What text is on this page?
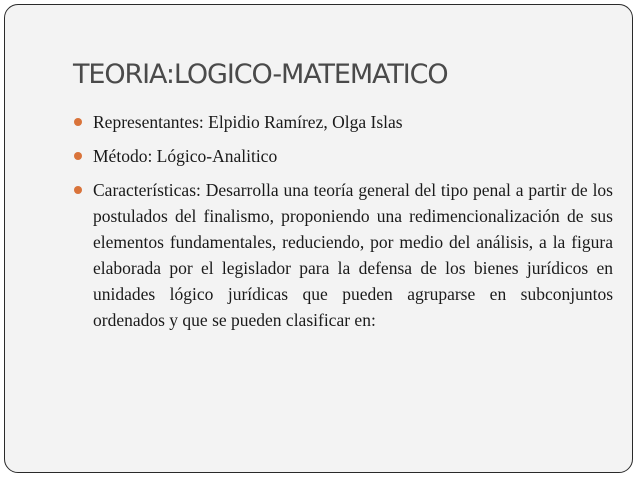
TEORIA:LOGICO-MATEMATICO
Representantes: Elpidio Ramírez, Olga Islas
Método: Lógico-Analitico
Características: Desarrolla una teoría general del tipo penal a partir de los postulados del finalismo, proponiendo una redimencionalización de sus elementos fundamentales, reduciendo, por medio del análisis, a la figura elaborada por el legislador para la defensa de los bienes jurídicos en unidades lógico jurídicas que pueden agruparse en subconjuntos ordenados y que se pueden clasificar en:
